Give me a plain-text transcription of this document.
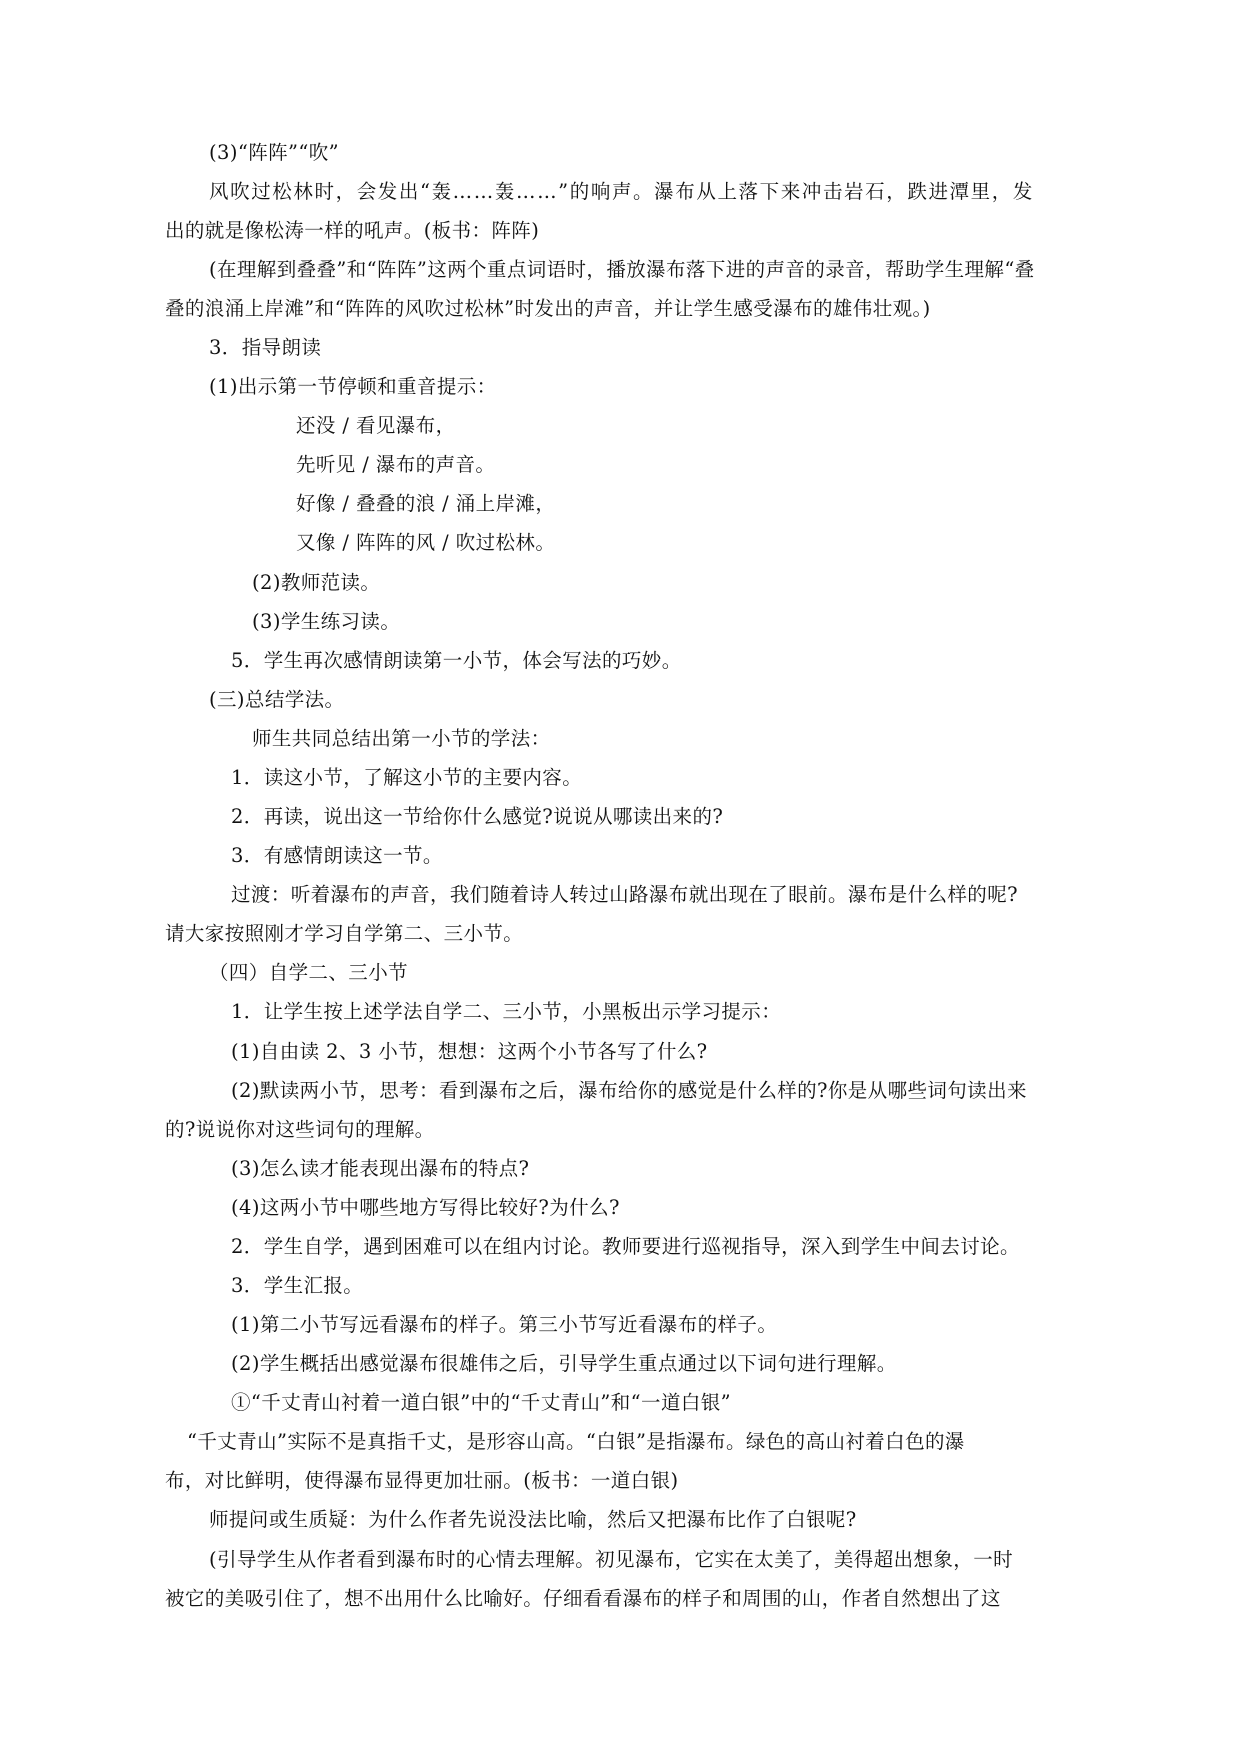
(3)“阵阵”“吹”
风吹过松林时，会发出“轰……轰……”的响声。瀑布从上落下来冲击岩石，跌进潭里，发
出的就是像松涛一样的吼声。(板书：阵阵)
(在理解到叠叠”和“阵阵”这两个重点词语时，播放瀑布落下进的声音的录音，帮助学生理解“叠
叠的浪涌上岸滩”和“阵阵的风吹过松林”时发出的声音，并让学生感受瀑布的雄伟壮观。)
3．指导朗读
(1)出示第一节停顿和重音提示：
还没 / 看见瀑布，
先听见 / 瀑布的声音。
好像 / 叠叠的浪 / 涌上岸滩，
又像 / 阵阵的风 / 吹过松林。
(2)教师范读。
(3)学生练习读。
5．学生再次感情朗读第一小节，体会写法的巧妙。
(三)总结学法。
师生共同总结出第一小节的学法：
1．读这小节，了解这小节的主要内容。
2．再读，说出这一节给你什么感觉?说说从哪读出来的?
3．有感情朗读这一节。
过渡：听着瀑布的声音，我们随着诗人转过山路瀑布就出现在了眼前。瀑布是什么样的呢?
请大家按照刚才学习自学第二、三小节。
（四）自学二、三小节
1．让学生按上述学法自学二、三小节，小黑板出示学习提示：
(1)自由读 2、3 小节，想想：这两个小节各写了什么?
(2)默读两小节，思考：看到瀑布之后，瀑布给你的感觉是什么样的?你是从哪些词句读出来
的?说说你对这些词句的理解。
(3)怎么读才能表现出瀑布的特点?
(4)这两小节中哪些地方写得比较好?为什么?
2．学生自学，遇到困难可以在组内讨论。教师要进行巡视指导，深入到学生中间去讨论。
3．学生汇报。
(1)第二小节写远看瀑布的样子。第三小节写近看瀑布的样子。
(2)学生概括出感觉瀑布很雄伟之后，引导学生重点通过以下词句进行理解。
①“千丈青山衬着一道白银”中的“千丈青山”和“一道白银”
“千丈青山”实际不是真指千丈，是形容山高。“白银”是指瀑布。绿色的高山衬着白色的瀑
布，对比鲜明，使得瀑布显得更加壮丽。(板书：一道白银)
师提问或生质疑：为什么作者先说没法比喻，然后又把瀑布比作了白银呢?
(引导学生从作者看到瀑布时的心情去理解。初见瀑布，它实在太美了，美得超出想象，一时
被它的美吸引住了，想不出用什么比喻好。仔细看看瀑布的样子和周围的山，作者自然想出了这
